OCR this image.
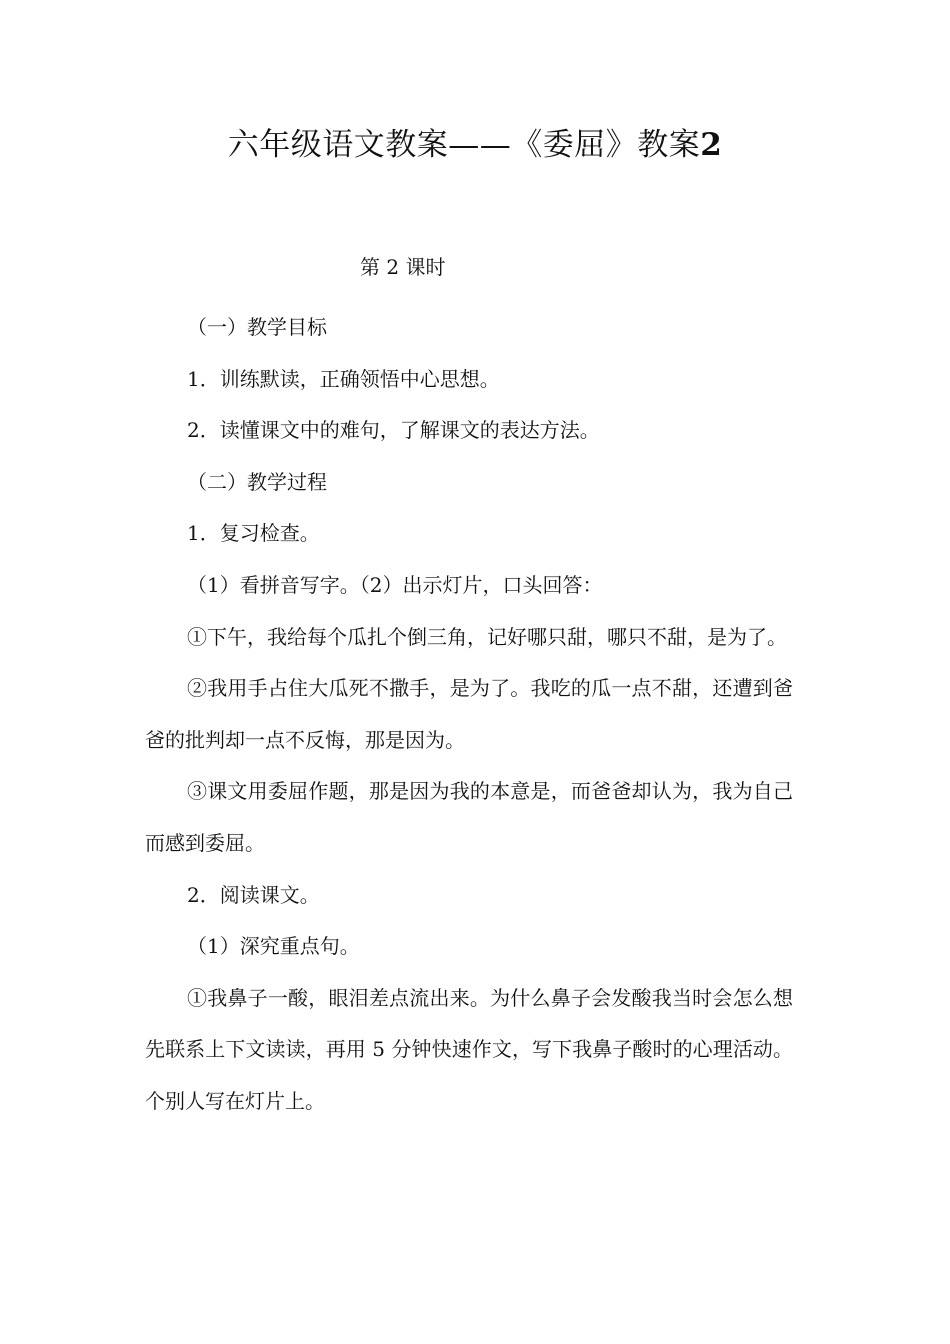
六年级语文教案——《委屈》教案2

第 2 课时

（一）教学目标

1．训练默读，正确领悟中心思想。

2．读懂课文中的难句，了解课文的表达方法。

（二）教学过程

1．复习检查。

（1）看拼音写字。（2）出示灯片，口头回答：

①下午，我给每个瓜扎个倒三角，记好哪只甜，哪只不甜，是为了。

②我用手占住大瓜死不撒手，是为了。我吃的瓜一点不甜，还遭到爸爸的批判却一点不反悔，那是因为。

③课文用委屈作题，那是因为我的本意是，而爸爸却认为，我为自己而感到委屈。

2．阅读课文。

（1）深究重点句。

①我鼻子一酸，眼泪差点流出来。为什么鼻子会发酸我当时会怎么想先联系上下文读读，再用 5 分钟快速作文，写下我鼻子酸时的心理活动。个别人写在灯片上。
